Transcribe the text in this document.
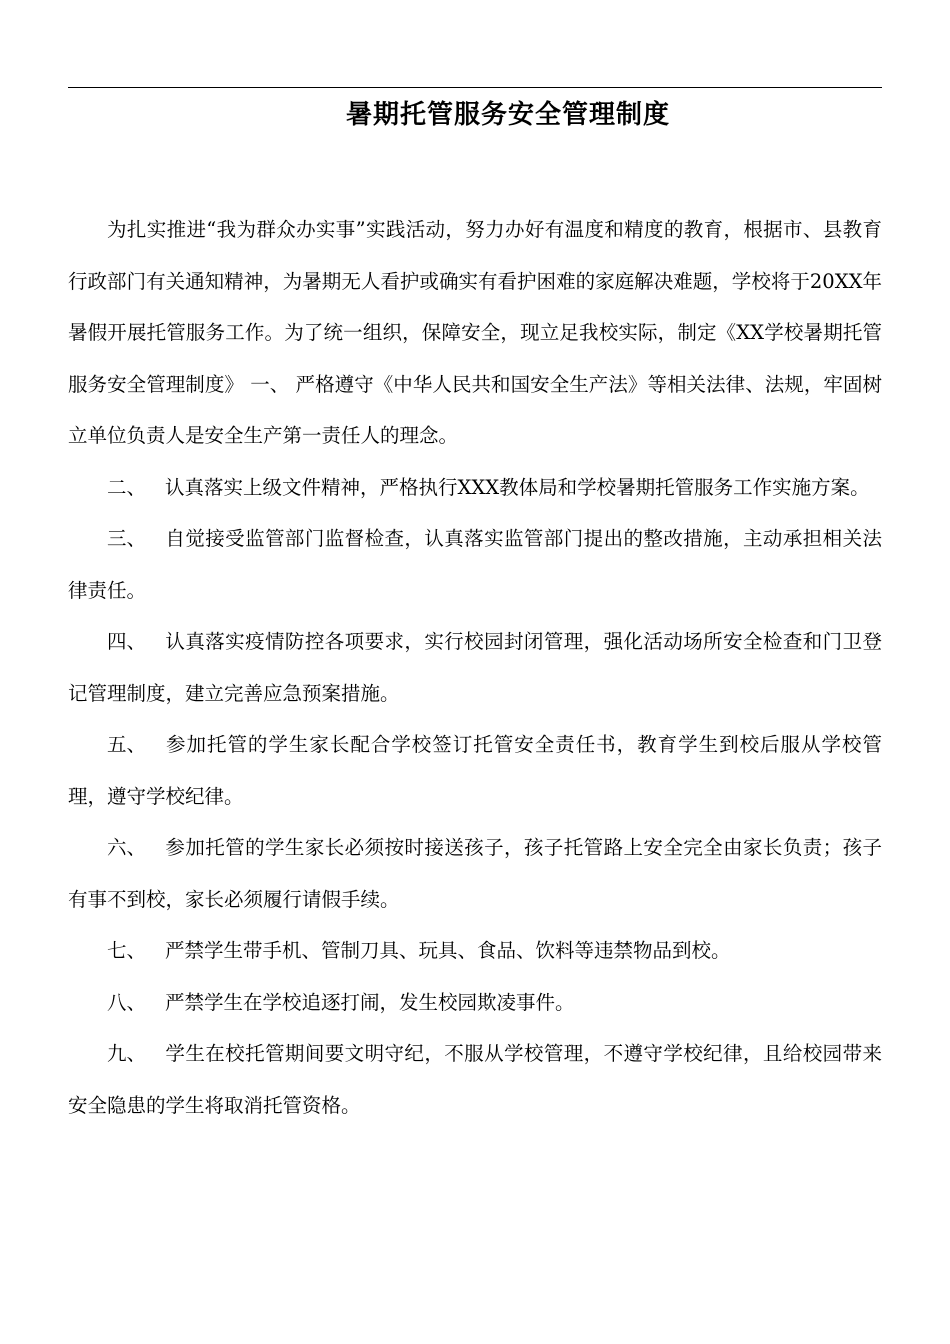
暑期托管服务安全管理制度

为扎实推进“我为群众办实事”实践活动，努力办好有温度和精度的教育，根据市、县教育行政部门有关通知精神，为暑期无人看护或确实有看护困难的家庭解决难题，学校将于20XX年暑假开展托管服务工作。为了统一组织，保障安全，现立足我校实际，制定《XX学校暑期托管服务安全管理制度》 一、 严格遵守《中华人民共和国安全生产法》等相关法律、法规，牢固树立单位负责人是安全生产第一责任人的理念。

二、 认真落实上级文件精神，严格执行XXX教体局和学校暑期托管服务工作实施方案。

三、 自觉接受监管部门监督检查，认真落实监管部门提出的整改措施，主动承担相关法律责任。

四、 认真落实疫情防控各项要求，实行校园封闭管理，强化活动场所安全检查和门卫登记管理制度，建立完善应急预案措施。

五、 参加托管的学生家长配合学校签订托管安全责任书，教育学生到校后服从学校管理，遵守学校纪律。

六、 参加托管的学生家长必须按时接送孩子，孩子托管路上安全完全由家长负责；孩子有事不到校，家长必须履行请假手续。

七、 严禁学生带手机、管制刀具、玩具、食品、饮料等违禁物品到校。

八、 严禁学生在学校追逐打闹，发生校园欺凌事件。

九、 学生在校托管期间要文明守纪，不服从学校管理，不遵守学校纪律，且给校园带来安全隐患的学生将取消托管资格。
